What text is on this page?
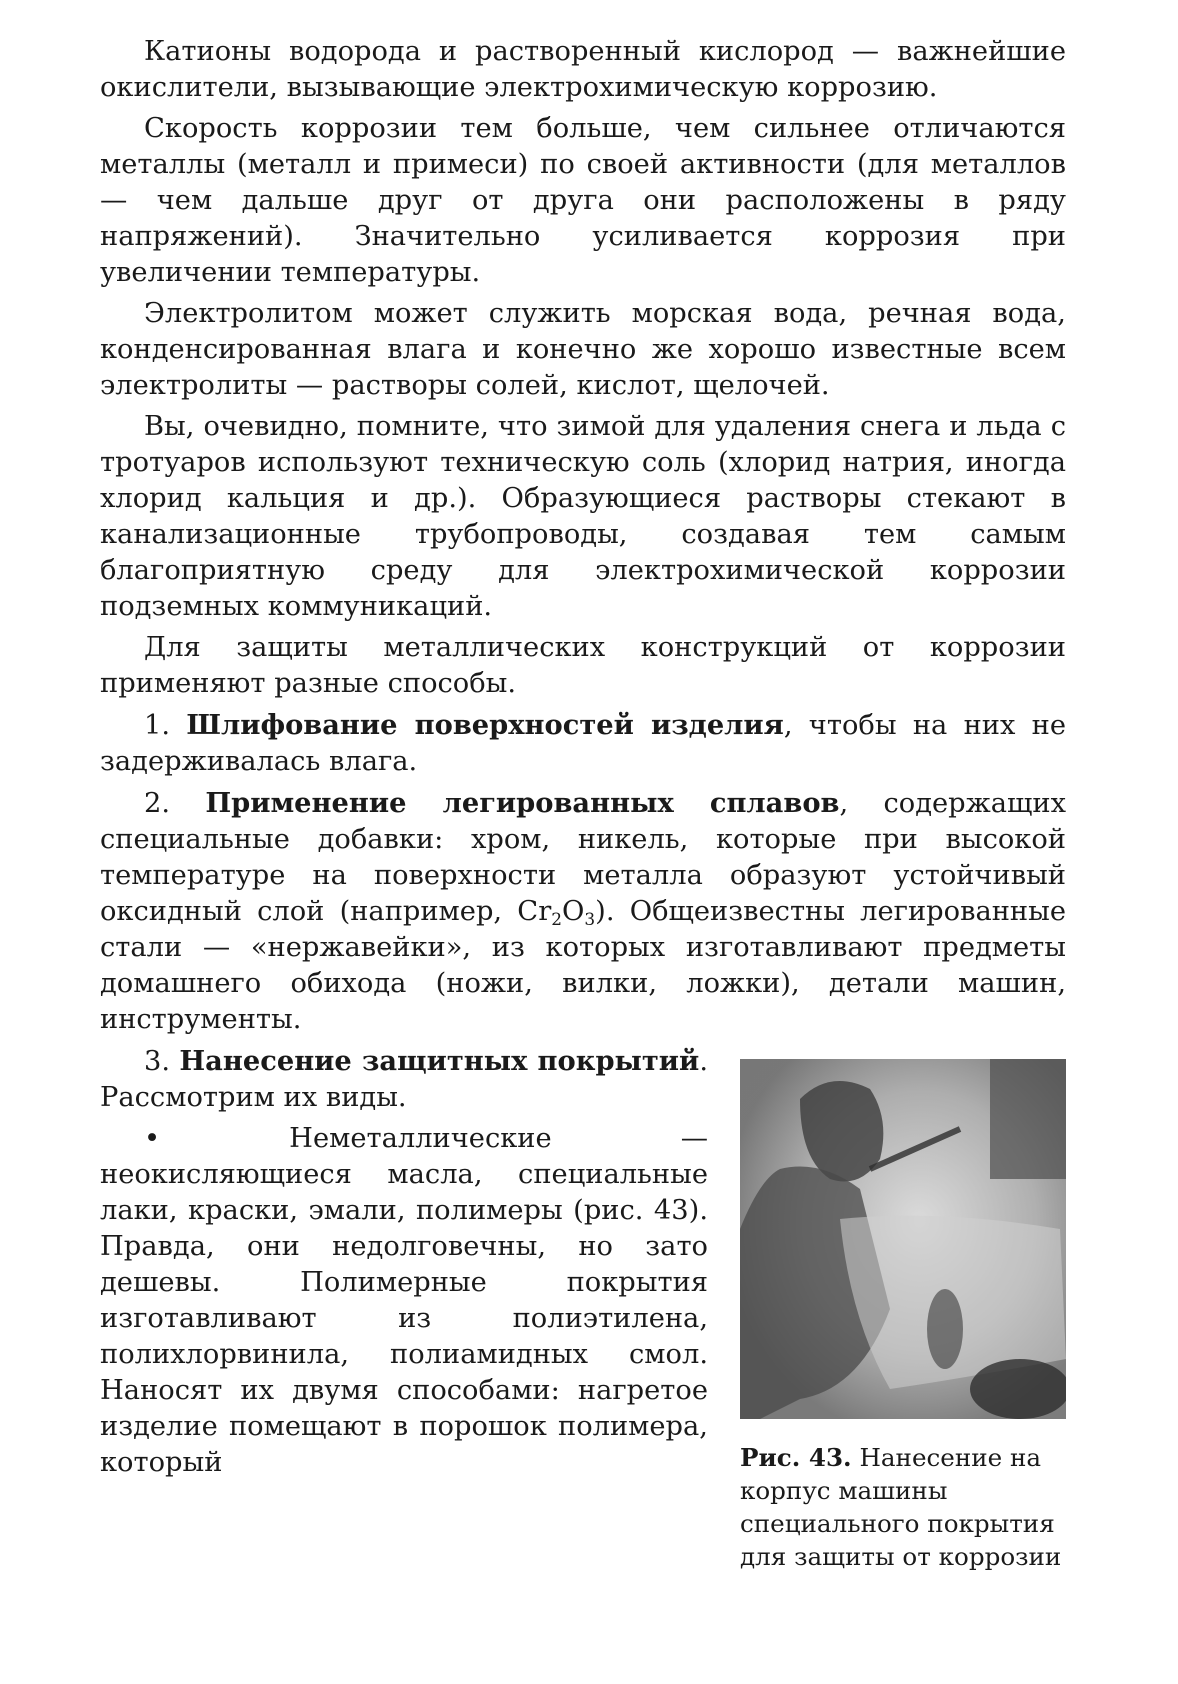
Катионы водорода и растворенный кислород — важнейшие окислители, вызывающие электрохимическую коррозию.

Скорость коррозии тем больше, чем сильнее отличаются металлы (металл и примеси) по своей активности (для металлов — чем дальше друг от друга они расположены в ряду напряжений). Значительно усиливается коррозия при увеличении температуры.

Электролитом может служить морская вода, речная вода, конденсированная влага и конечно же хорошо известные всем электролиты — растворы солей, кислот, щелочей.

Вы, очевидно, помните, что зимой для удаления снега и льда с тротуаров используют техническую соль (хлорид натрия, иногда хлорид кальция и др.). Образующиеся растворы стекают в канализационные трубопроводы, создавая тем самым благоприятную среду для электрохимической коррозии подземных коммуникаций.

Для защиты металлических конструкций от коррозии применяют разные способы.

1. Шлифование поверхностей изделия, чтобы на них не задерживалась влага.

2. Применение легированных сплавов, содержащих специальные добавки: хром, никель, которые при высокой температуре на поверхности металла образуют устойчивый оксидный слой (например, $Cr_2O_3$). Общеизвестны легированные стали — «нержавейки», из которых изготавливают предметы домашнего обихода (ножи, вилки, ложки), детали машин, инструменты.

Рис. 43. Нанесение на корпус машины специального покрытия для защиты от коррозии

3. Нанесение защитных покрытий. Рассмотрим их виды.

•	Неметаллические — неокисляющиеся масла, специальные лаки, краски, эмали, полимеры (рис. 43). Правда, они недолговечны, но зато дешевы. Полимерные покрытия изготавливают из полиэтилена, полихлорвинила, полиамидных смол. Наносят их двумя способами: нагретое изделие помещают в порошок полимера, который
